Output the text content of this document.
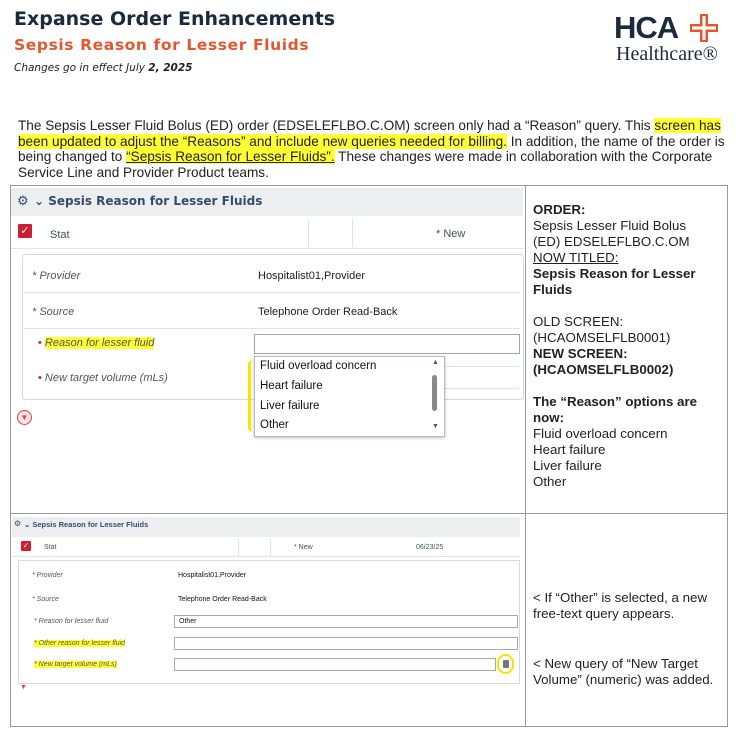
Expanse Order Enhancements
Sepsis Reason for Lesser Fluids
Changes go in effect July 2, 2025
HCA
Healthcare®
The Sepsis Lesser Fluid Bolus (ED) order (EDSELEFLBO.C.OM) screen only had a “Reason” query. This screen has been updated to adjust the “Reasons” and include new queries needed for billing. In addition, the name of the order is being changed to “Sepsis Reason for Lesser Fluids”. These changes were made in collaboration with the Corporate Service Line and Provider Product teams.
⚙︎ ⌄ Sepsis Reason for Lesser Fluids
✓ Stat	* New
* Provider	Hospitalist01,Provider
* Source	Telephone Order Read-Back
• Reason for lesser fluid
• New target volume (mLs)
Fluid overload concern
Heart failure
Liver failure
Other
▲
▼
▼
ORDER:
Sepsis Lesser Fluid Bolus
(ED) EDSELEFLBO.C.OM
NOW TITLED:
Sepsis Reason for Lesser Fluids

OLD SCREEN:
(HCAOMSELFLB0001)
NEW SCREEN:
(HCAOMSELFLB0002)

The “Reason” options are now:
Fluid overload concern
Heart failure
Liver failure
Other
⚙︎ ⌄ Sepsis Reason for Lesser Fluids
✓ Stat	* New	06/23/25
* Provider	Hospitalist01,Provider
* Source	Telephone Order Read-Back
* Reason for lesser fluid	Other
* Other reason for lesser fluid
* New target volume (mLs)
▼
< If “Other” is selected, a new free-text query appears.
< New query of “New Target Volume” (numeric) was added.
